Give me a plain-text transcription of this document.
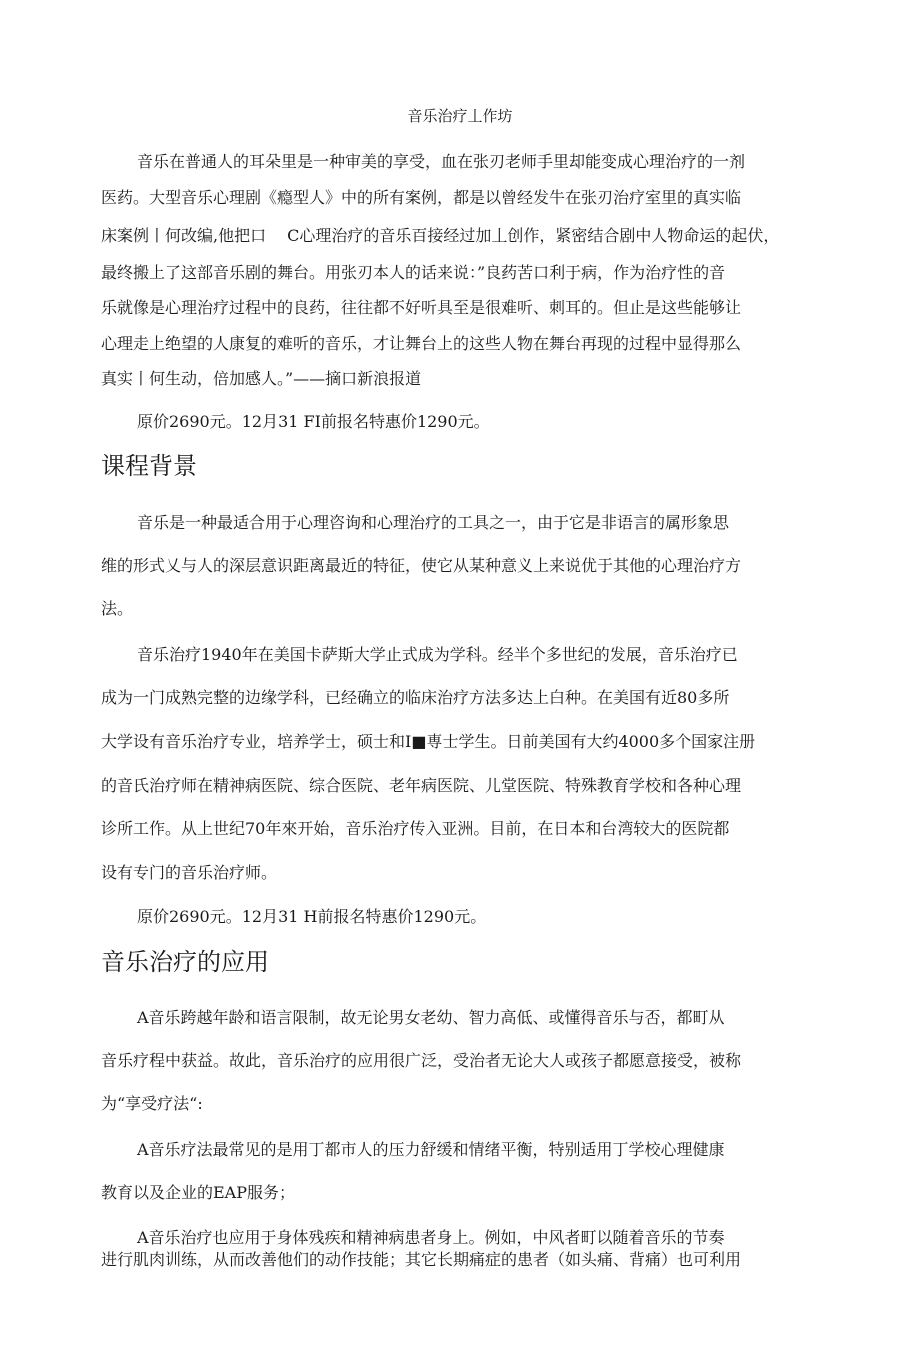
音乐治疗丄作坊

音乐在普通人的耳朵里是一种审美的享受，血在张刃老师手里却能变成心理治疗的一剂

医药。大型音乐心理剧《瘾型人》中的所有案例，都是以曾经发牛在张刃治疗室里的真实临

床案例丨何改编,他把口　 C心理治疗的音乐百接经过加丄创作，紧密结合剧中人物命运的起伏，

最终搬上了这部音乐剧的舞台。用张刃本人的话来说：”良药苦口利于病，作为治疗性的音

乐就像是心理治疗过程中的良药，往往都不好听具至是很难听、刺耳的。但止是这些能够让

心理走上绝望的人康复的难听的音乐，才让舞台上的这些人物在舞台再现的过程中显得那么

真实丨何生动，倍加感人。”——摘口新浪报道

原价2690元。12月31 FI前报名特惠价1290元。

课程背景

音乐是一种最适合用于心理咨询和心理治疗的工具之一，由于它是非语言的属形象思

维的形式乂与人的深层意识距离最近的特征，使它从某种意义上来说优于其他的心理治疗方

法。

音乐治疗1940年在美国卡萨斯大学止式成为学科。经半个多世纪的发展，音乐治疗已

成为一门成熟完整的边缘学科，已经确立的临床治疗方法多达上白种。在美国有近80多所

大学设有音乐治疗专业，培养学士，硕士和I■専士学生。日前美国有大约4000多个国家注册

的音氏治疗师在精神病医院、综合医院、老年病医院、儿堂医院、特殊教育学校和各种心理

诊所工作。从上世纪70年來开始，音乐治疗传入亚洲。目前，在日本和台湾较大的医院都

设有专门的音乐治疗师。

原价2690元。12月31 H前报名特惠价1290元。

音乐治疗的应用

A音乐跨越年龄和语言限制，故无论男女老幼、智力高低、或懂得音乐与否，都町从

音乐疗程中获益。故此，音乐治疗的应用很广泛，受治者无论大人或孩子都愿意接受，被称

为“享受疗法“:

A音乐疗法最常见的是用丁都市人的压力舒缓和情绪平衡，特别适用丁学校心理健康

教育以及企业的EAP服务；

A音乐治疗也应用于身体残疾和精神病患者身上。例如，中风者町以随着音乐的节奏

进行肌肉训练，从而改善他们的动作技能；其它长期痛症的患者（如头痛、背痛）也可利用
